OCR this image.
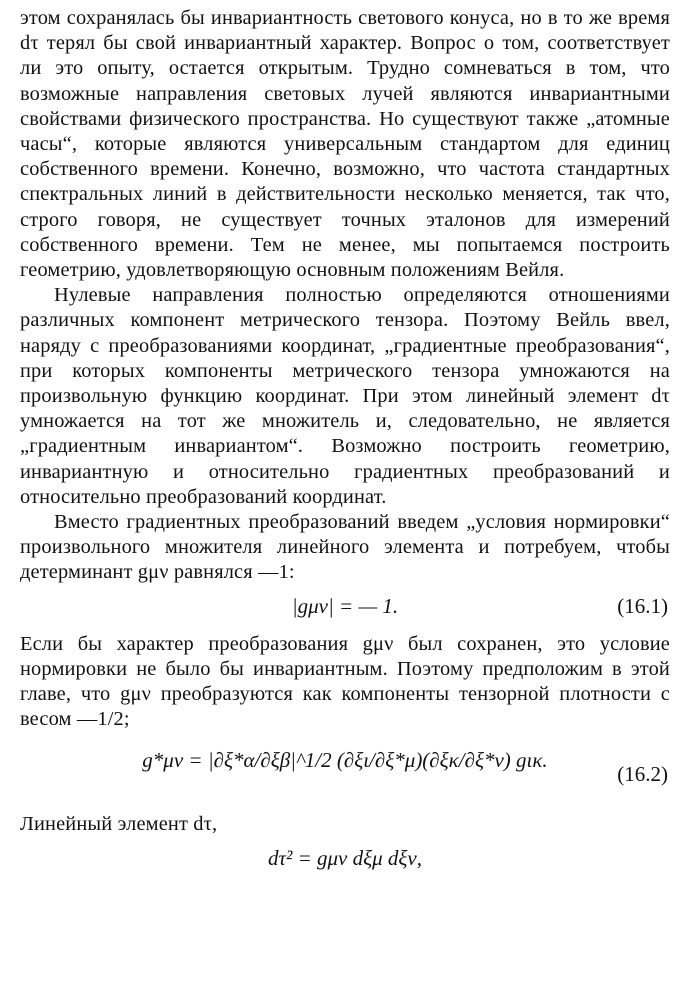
этом сохранялась бы инвариантность светового конуса, но в то же время dτ терял бы свой инвариантный характер. Вопрос о том, соответствует ли это опыту, остается открытым. Трудно сомневаться в том, что возможные направления световых лучей являются инвариантными свойствами физического пространства. Но существуют также „атомные часы“, которые являются универсальным стандартом для единиц собственного времени. Конечно, возможно, что частота стандартных спектральных линий в действительности несколько меняется, так что, строго говоря, не существует точных эталонов для измерений собственного времени. Тем не менее, мы попытаемся построить геометрию, удовлетворяющую основным положениям Вейля.

Нулевые направления полностью определяются отношениями различных компонент метрического тензора. Поэтому Вейль ввел, наряду с преобразованиями координат, „градиентные преобразования“, при которых компоненты метрического тензора умножаются на произвольную функцию координат. При этом линейный элемент dτ умножается на тот же множитель и, следовательно, не является „градиентным инвариантом“. Возможно построить геометрию, инвариантную и относительно градиентных преобразований и относительно преобразований координат.

Вместо градиентных преобразований введем „условия нормировки“ произвольного множителя линейного элемента и потребуем, чтобы детерминант gμν равнялся —1:

|gμν| = — 1.	(16.1)

Если бы характер преобразования gμν был сохранен, это условие нормировки не было бы инвариантным. Поэтому предположим в этой главе, что gμν преобразуются как компоненты тензорной плотности с весом —1/2;

g*μν = |∂ξ*α/∂ξβ|^1/2 (∂ξι/∂ξ*μ)(∂ξκ/∂ξ*ν) gικ.
(16.2)

Линейный элемент dτ,

dτ² = gμν dξμ dξν,
